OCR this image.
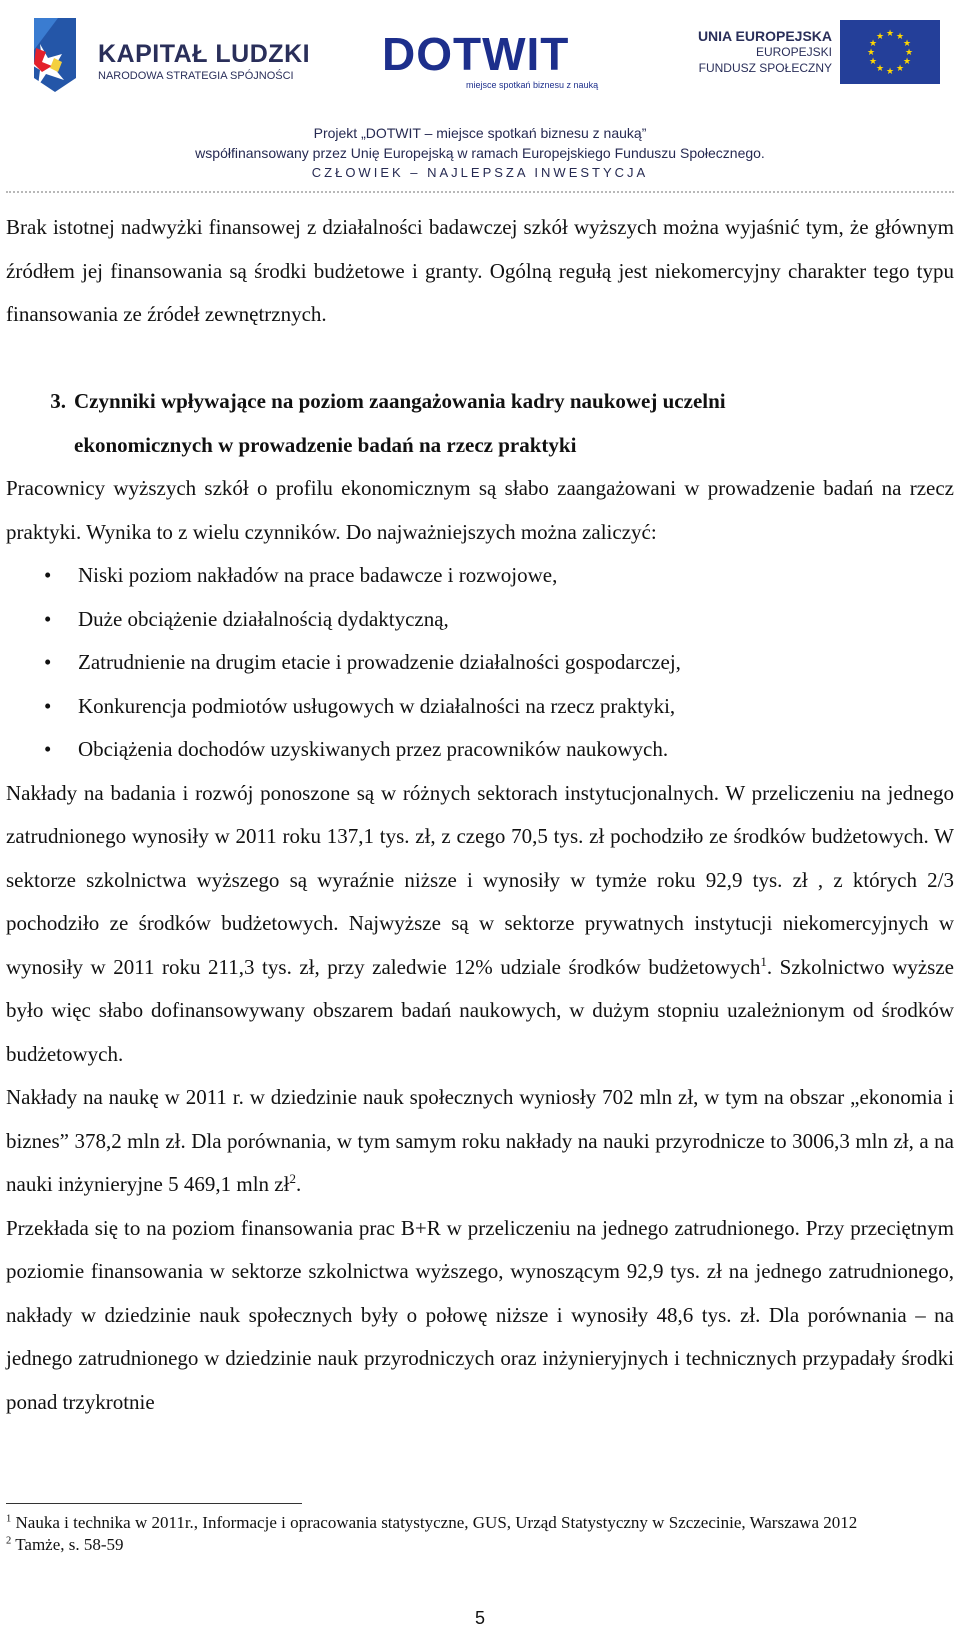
KAPITAŁ LUDZKI
NARODOWA STRATEGIA SPÓJNOŚCI DOTWIT
miejsce spotkań biznesu z nauką
UNIA EUROPEJSKA
EUROPEJSKI
FUNDUSZ SPOŁECZNY
★ ★
★
★
★
★
★
★
★
★
★
★
Projekt „DOTWIT – miejsce spotkań biznesu z nauką”
współfinansowany przez Unię Europejską w ramach Europejskiego Funduszu Społecznego.
CZŁOWIEK – NAJLEPSZA INWESTYCJA

Brak istotnej nadwyżki finansowej z działalności badawczej szkół wyższych można wyjaśnić tym, że głównym źródłem jej finansowania są środki budżetowe i granty. Ogólną regułą jest niekomercyjny charakter tego typu finansowania ze źródeł zewnętrznych.

3. Czynniki wpływające na poziom zaangażowania kadry naukowej uczelni
ekonomicznych w prowadzenie badań na rzecz praktyki

Pracownicy wyższych szkół o profilu ekonomicznym są słabo zaangażowani w prowadzenie badań na rzecz praktyki. Wynika to z wielu czynników. Do najważniejszych można zaliczyć:

• Niski poziom nakładów na prace badawcze i rozwojowe,
• Duże obciążenie działalnością dydaktyczną,
• Zatrudnienie na drugim etacie i prowadzenie działalności gospodarczej,
• Konkurencja podmiotów usługowych w działalności na rzecz praktyki,
• Obciążenia dochodów uzyskiwanych przez pracowników naukowych.

Nakłady na badania i rozwój ponoszone są w różnych sektorach instytucjonalnych. W przeliczeniu na jednego zatrudnionego wynosiły w 2011 roku 137,1 tys. zł, z czego 70,5 tys. zł pochodziło ze środków budżetowych. W sektorze szkolnictwa wyższego są wyraźnie niższe i wynosiły w tymże roku 92,9 tys. zł , z których 2/3 pochodziło ze środków budżetowych. Najwyższe są w sektorze prywatnych instytucji niekomercyjnych w wynosiły w 2011 roku 211,3 tys. zł, przy zaledwie 12% udziale środków budżetowych$^1$. Szkolnictwo wyższe było więc słabo dofinansowywany obszarem badań naukowych, w dużym stopniu uzależnionym od środków budżetowych.

Nakłady na naukę w 2011 r. w dziedzinie nauk społecznych wyniosły 702 mln zł, w tym na obszar „ekonomia i biznes” 378,2 mln zł. Dla porównania, w tym samym roku nakłady na nauki przyrodnicze to 3006,3 mln zł, a na nauki inżynieryjne 5 469,1 mln $zł^2$.

Przekłada się to na poziom finansowania prac B+R w przeliczeniu na jednego zatrudnionego. Przy przeciętnym poziomie finansowania w sektorze szkolnictwa wyższego, wynoszącym 92,9 tys. zł na jednego zatrudnionego, nakłady w dziedzinie nauk społecznych były o połowę niższe i wynosiły 48,6 tys. zł. Dla porównania – na jednego zatrudnionego w dziedzinie nauk przyrodniczych oraz inżynieryjnych i technicznych przypadały środki ponad trzykrotnie

$^1$ Nauka i technika w 2011r., Informacje i opracowania statystyczne, GUS, Urząd Statystyczny w Szczecinie, Warszawa 2012

$^2$ Tamże, s. 58-59

5
